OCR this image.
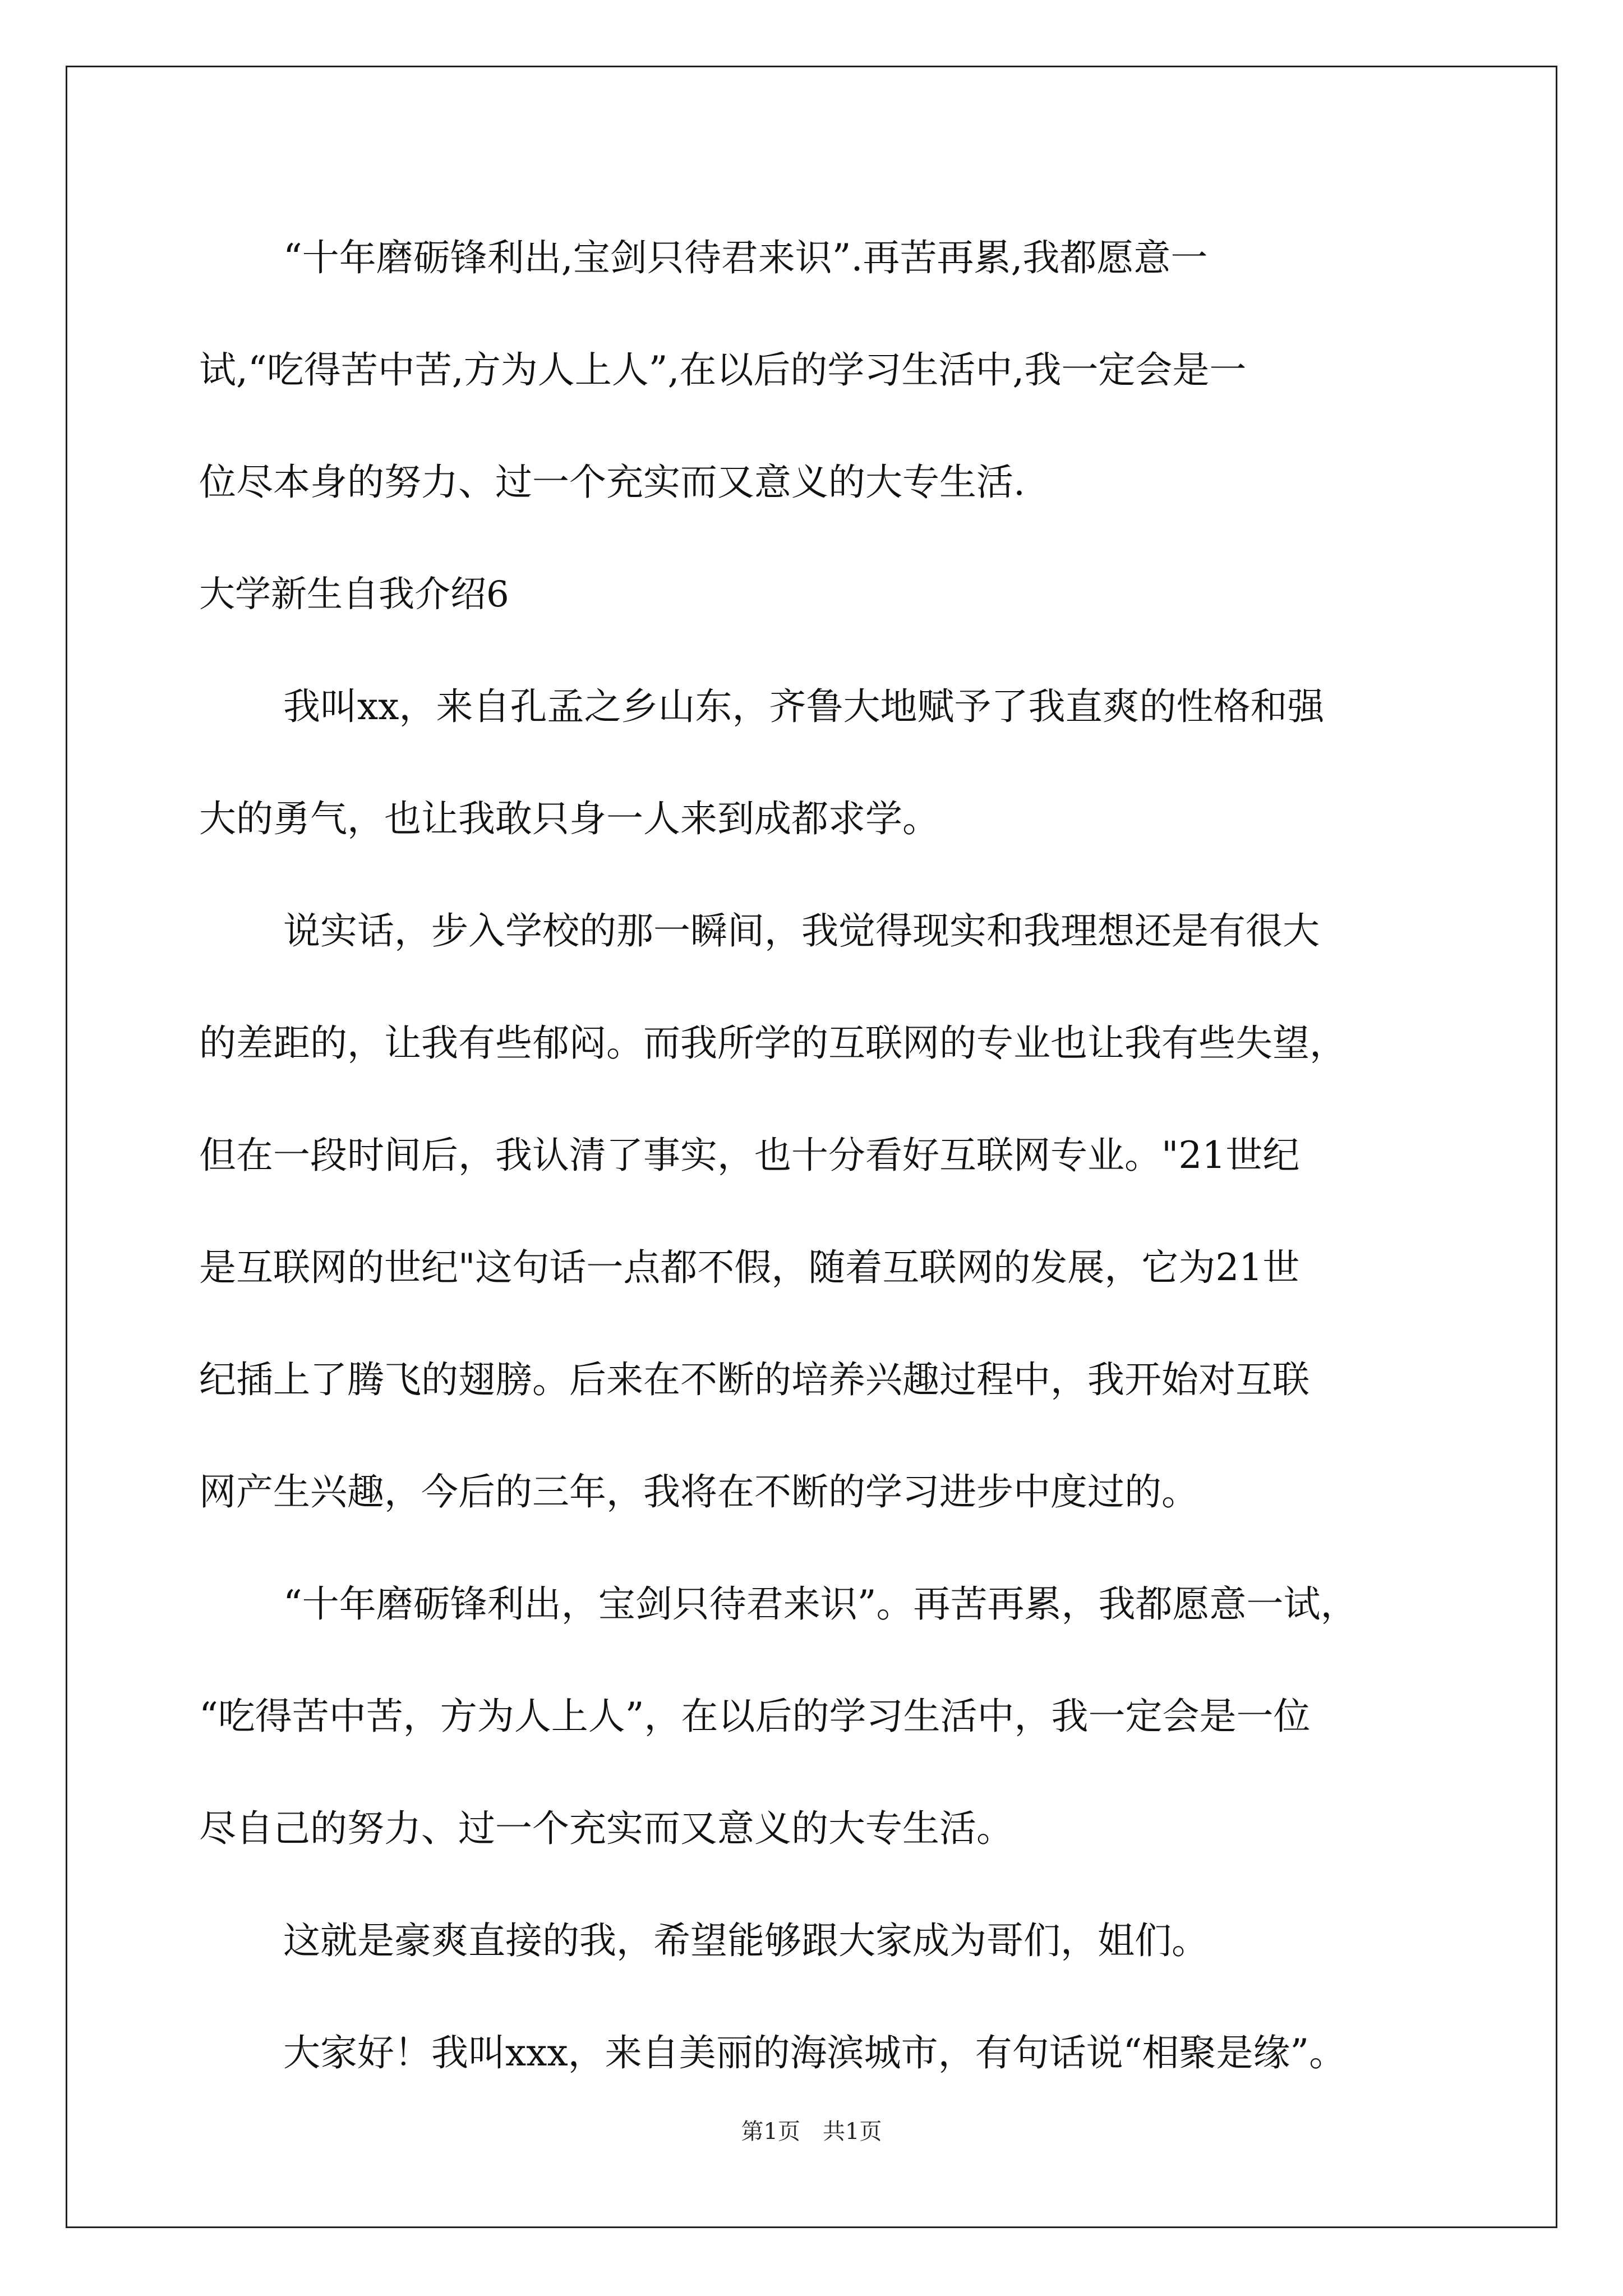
“十年磨砺锋利出,宝剑只待君来识”.再苦再累,我都愿意一
试,“吃得苦中苦,方为人上人”,在以后的学习生活中,我一定会是一
位尽本身的努力、过一个充实而又意义的大专生活.
大学新生自我介绍6
我叫xx，来自孔孟之乡山东，齐鲁大地赋予了我直爽的性格和强
大的勇气，也让我敢只身一人来到成都求学。
说实话，步入学校的那一瞬间，我觉得现实和我理想还是有很大
的差距的，让我有些郁闷。而我所学的互联网的专业也让我有些失望，
但在一段时间后，我认清了事实，也十分看好互联网专业。"21世纪
是互联网的世纪"这句话一点都不假，随着互联网的发展，它为21世
纪插上了腾飞的翅膀。后来在不断的培养兴趣过程中，我开始对互联
网产生兴趣，今后的三年，我将在不断的学习进步中度过的。
“十年磨砺锋利出，宝剑只待君来识”。再苦再累，我都愿意一试，
“吃得苦中苦，方为人上人”，在以后的学习生活中，我一定会是一位
尽自己的努力、过一个充实而又意义的大专生活。
这就是豪爽直接的我，希望能够跟大家成为哥们，姐们。
大家好！我叫xxx，来自美丽的海滨城市，有句话说“相聚是缘”。
第1页　共1页
